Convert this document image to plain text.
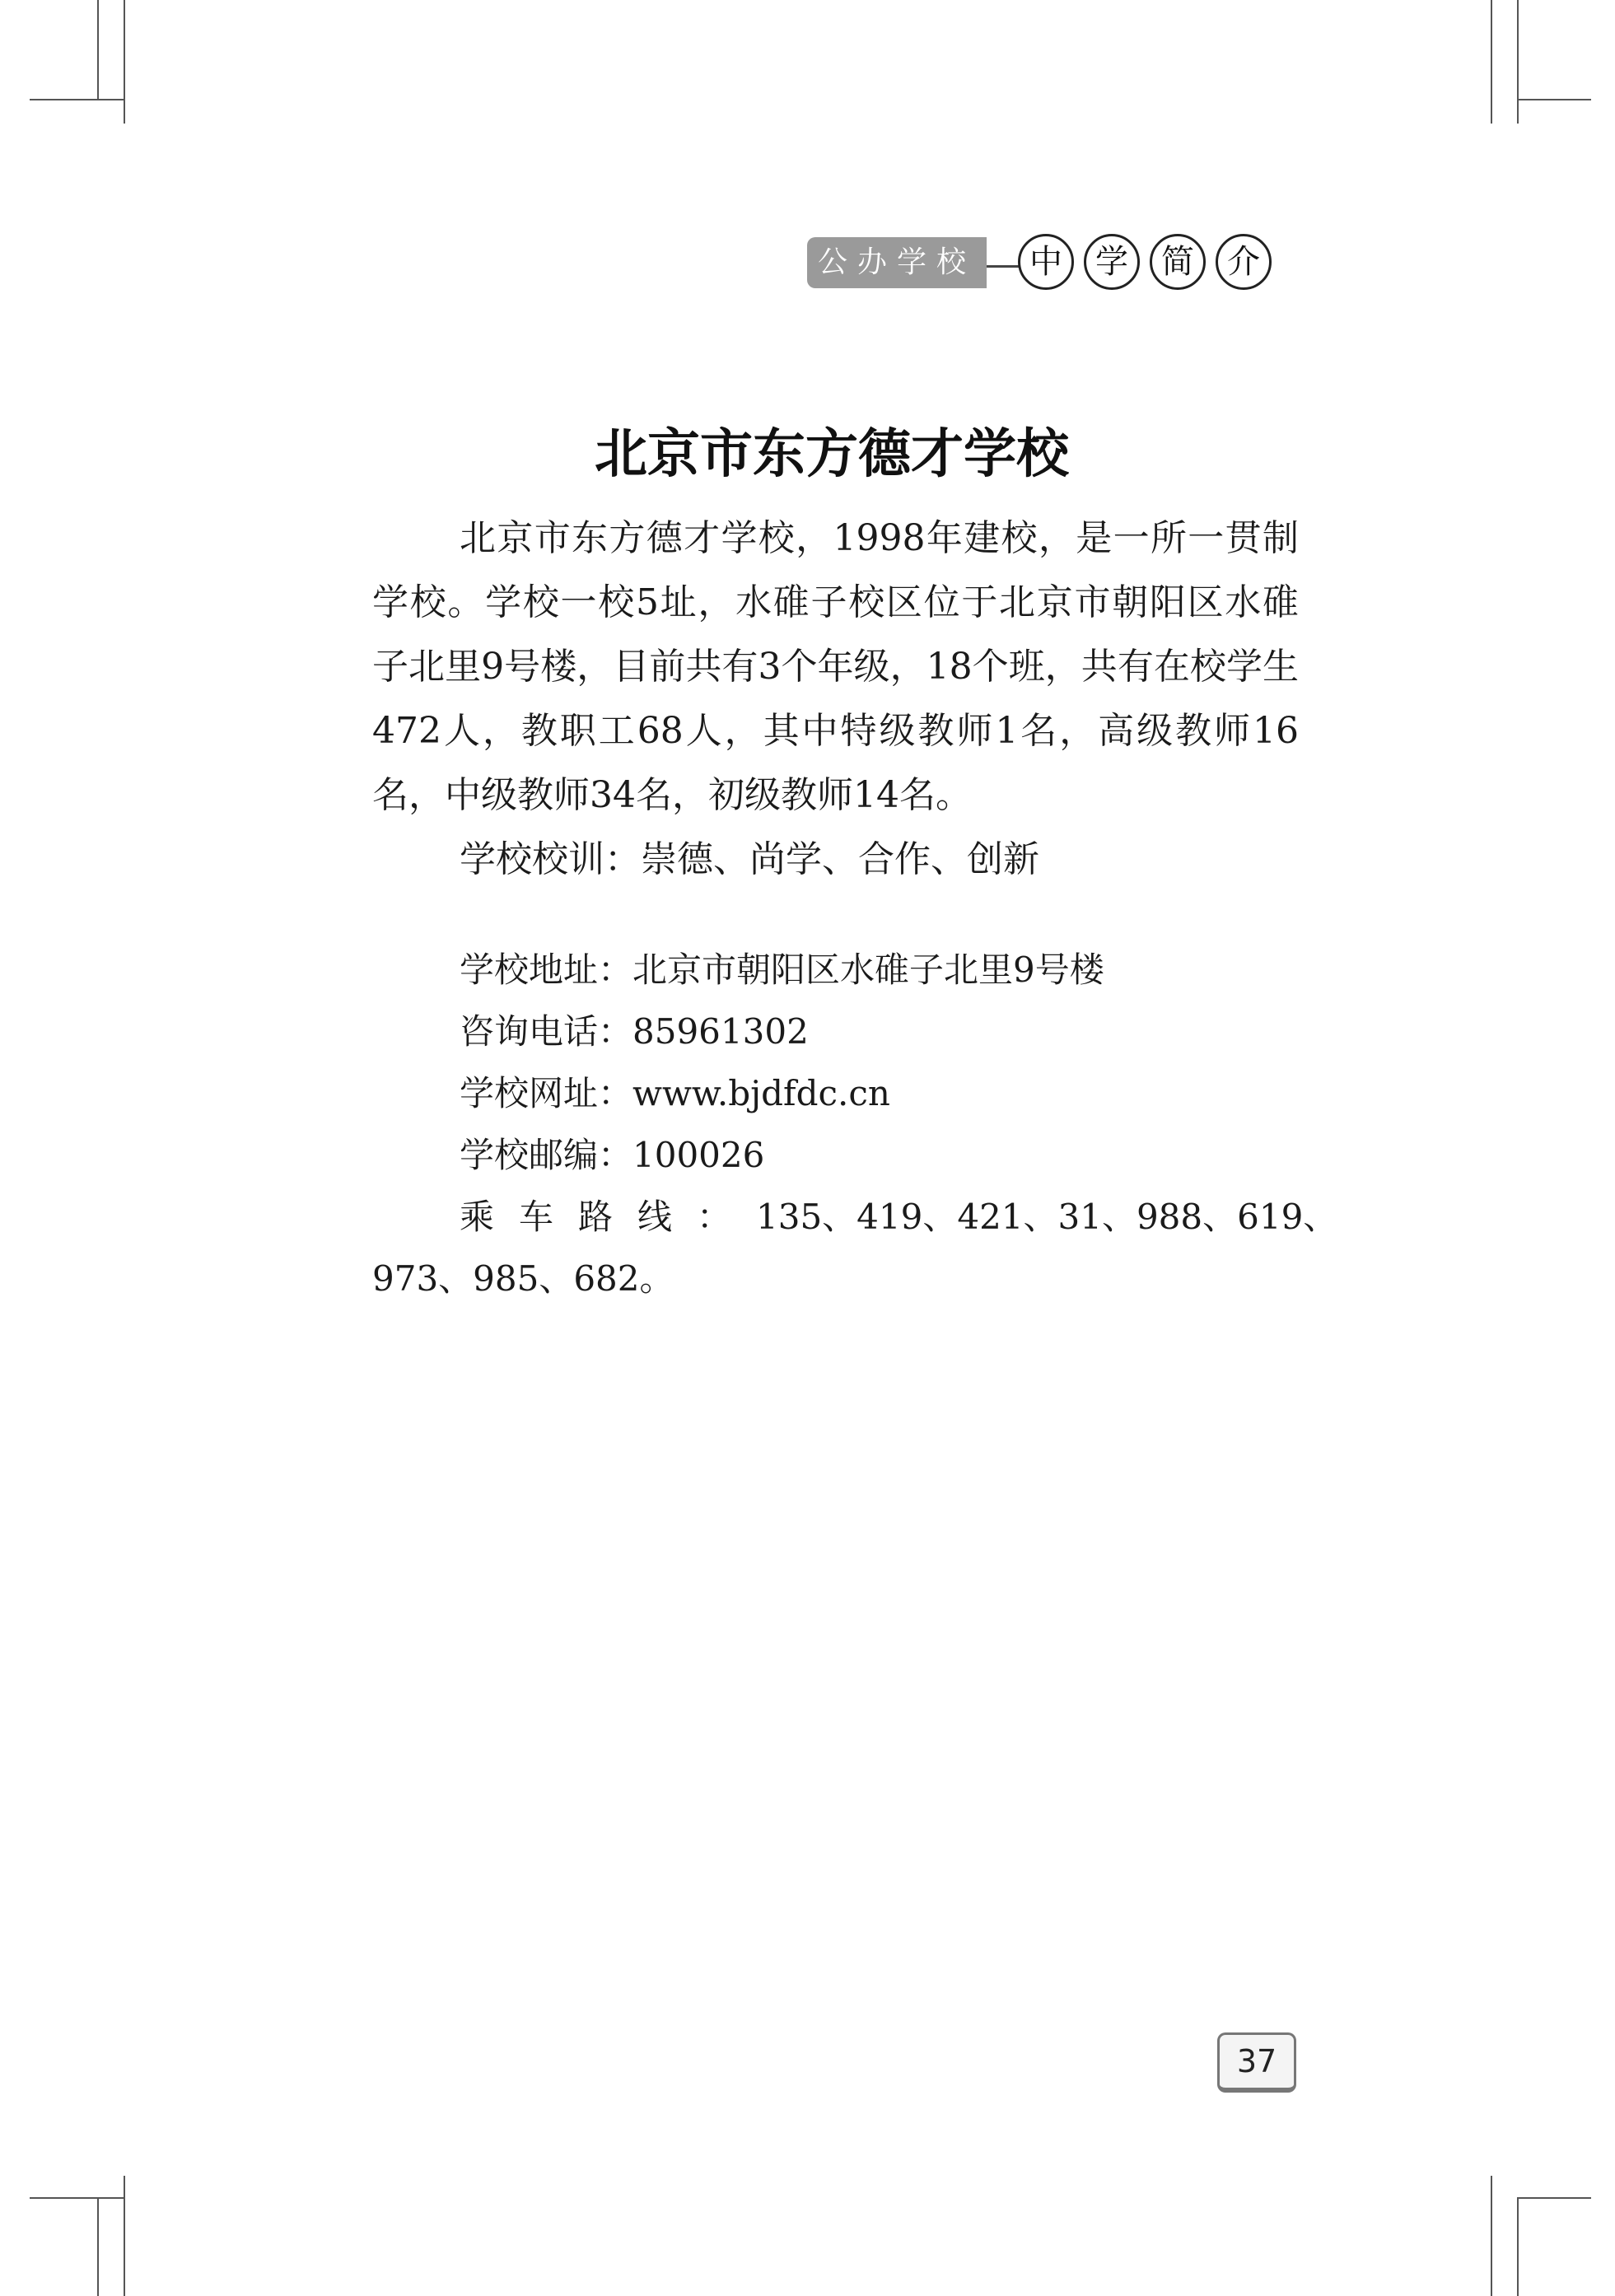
公办学校	中	学	简	介
北京市东方德才学校

北京市东方德才学校，1998年建校，是一所一贯制学校。学校一校5址，水碓子校区位于北京市朝阳区水碓子北里9号楼，目前共有3个年级，18个班，共有在校学生472人，教职工68人，其中特级教师1名，高级教师16名，中级教师34名，初级教师14名。

学校校训：崇德、尚学、合作、创新

学校地址：北京市朝阳区水碓子北里9号楼
咨询电话：85961302
学校网址：www.bjdfdc.cn
学校邮编：100026
乘车路线：135、419、421、31、988、619、
973、985、682。
37
